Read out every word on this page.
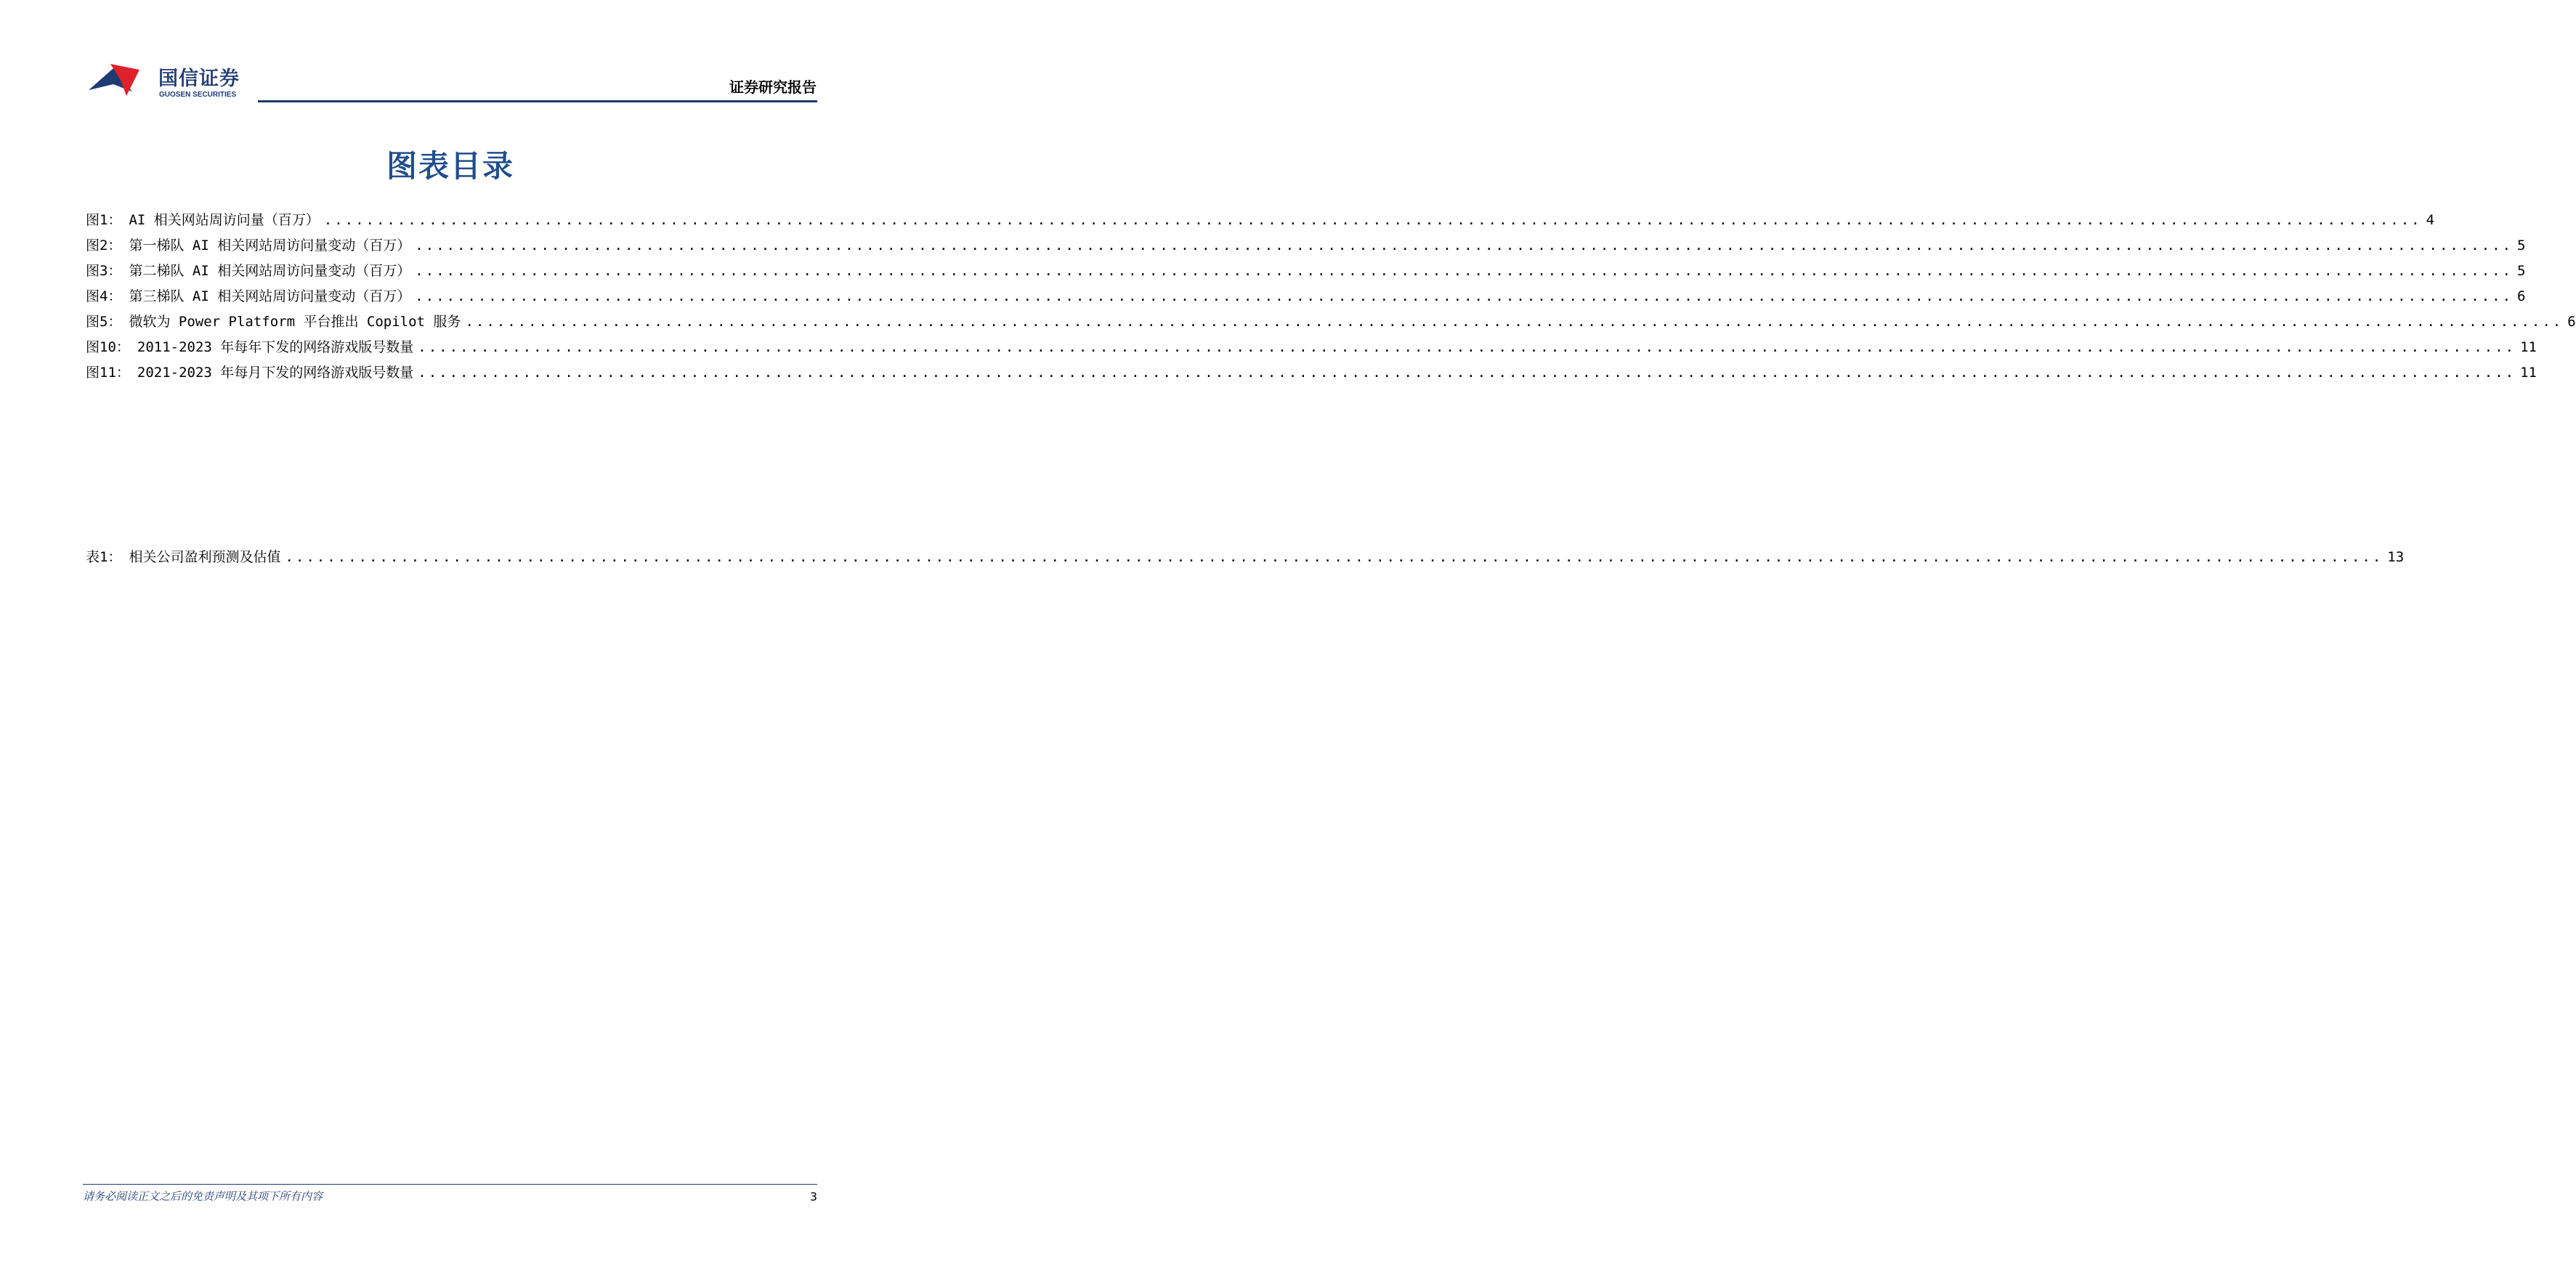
国信证券
GUOSEN SECURITIES	证券研究报告
图表目录
图1： AI 相关网站周访问量（百万） ........................................................................................................................................................................................................ 4
图2： 第一梯队 AI 相关网站周访问量变动（百万） ........................................................................................................................................................................................................ 5
图3： 第二梯队 AI 相关网站周访问量变动（百万） ........................................................................................................................................................................................................ 5
图4： 第三梯队 AI 相关网站周访问量变动（百万） ........................................................................................................................................................................................................ 6
图5： 微软为 Power Platform 平台推出 Copilot 服务 ........................................................................................................................................................................................................ 6
图10： 2011-2023 年每年下发的网络游戏版号数量 ........................................................................................................................................................................................................ 11
图11： 2021-2023 年每月下发的网络游戏版号数量 ........................................................................................................................................................................................................ 11
表1： 相关公司盈利预测及估值 ........................................................................................................................................................................................................ 13
请务必阅读正文之后的免责声明及其项下所有内容	3
